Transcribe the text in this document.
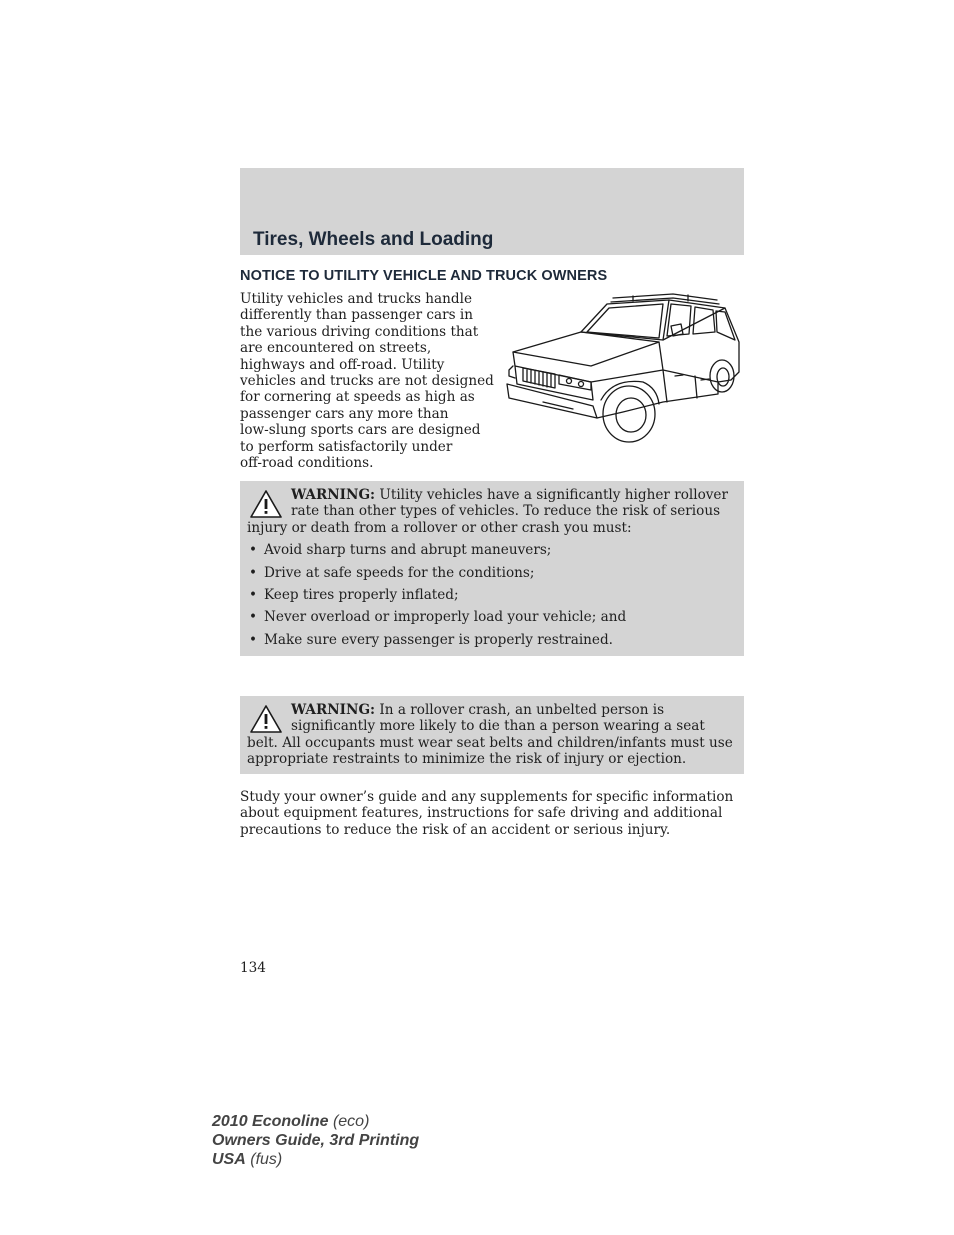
Tires, Wheels and Loading
NOTICE TO UTILITY VEHICLE AND TRUCK OWNERS

Utility vehicles and trucks handle
differently than passenger cars in
the various driving conditions that
are encountered on streets,
highways and off-road. Utility
vehicles and trucks are not designed
for cornering at speeds as high as
passenger cars any more than
low-slung sports cars are designed
to perform satisfactorily under
off-road conditions.

WARNING: Utility vehicles have a significantly higher rollover rate than other types of vehicles. To reduce the risk of serious injury or death from a rollover or other crash you must:

• Avoid sharp turns and abrupt maneuvers;
• Drive at safe speeds for the conditions;
• Keep tires properly inflated;
• Never overload or improperly load your vehicle; and
• Make sure every passenger is properly restrained.

WARNING: In a rollover crash, an unbelted person is significantly more likely to die than a person wearing a seat belt. All occupants must wear seat belts and children/infants must use appropriate restraints to minimize the risk of injury or ejection.

Study your owner’s guide and any supplements for specific information about equipment features, instructions for safe driving and additional precautions to reduce the risk of an accident or serious injury.

134

2010 Econoline (eco)
Owners Guide, 3rd Printing
USA (fus)
